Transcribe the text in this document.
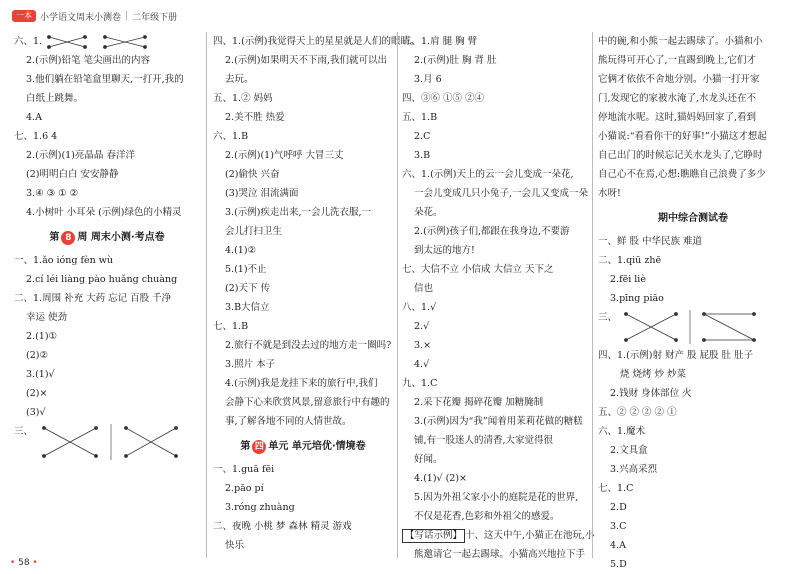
一本 小学语文周末小测卷 | 二年级下册
六、1.
2.(示例)铅笔 笔尖画出的内容
3.他们躺在铅笔盒里聊天,一打开,我的
白纸上跳舞。
4.A
七、1.6 4
2.(示例)(1)亮晶晶 春洋洋
(2)明明白白 安安静静
3.④ ③ ① ②
4.小树叶 小耳朵 (示例)绿色的小精灵
第 8 周 周末小测·考点卷
一、1.ǎo ióng fèn wù
2.cí léi liàng pào huǎng chuàng
二、1.周围 补充 大药 忘记 百股 千净
幸运 使劲
2.(1)①
(2)②
3.(1)√
(2)×
(3)√
三、
四、1.(示例)我觉得天上的星星就是人们的眼睛。
2.(示例)如果明天不下雨,我们就可以出
去玩。
五、1.② 妈妈
2.美不胜 热爱
六、1.B
2.(示例)(1)气呼呼 大冒三丈
(2)偷快 兴奋
(3)哭泣 泪流满面
3.(示例)疾走出来,一会儿洗衣服,一
会儿打扫卫生
4.(1)②
5.(1)不止
(2)天下 传
3.B大信立
七、1.B
2.旅行不就是到没去过的地方走一圈吗?
3.照片 本子
4.(示例)我是龙挂下来的旅行中,我们
会静下心来欣赏风景,留意旅行中有趣的
事,了解各地不同的人情世故。
第 四 单元 单元培优·情境卷
一、1.guā fēi
2.pāo pí
3.róng zhuàng
二、夜晚 小桃 梦 森林 精灵 游戏
快乐
三、1.肩 腿 胸 臂
2.(示例)肚 胸 背 肚
3.月 6
四、③⑥ ①⑤ ②④
五、1.B
2.C
3.B
六、1.(示例)天上的云一会儿变成一朵花,
一会儿变成几只小兔子,一会儿又变成一朵
朵花。
2.(示例)孩子们,都跟在我身边,不要游
到太远的地方!
七、大信不立 小信成 大信立 天下之
信也
八、1.√
2.√
3.×
4.√
九、1.C
2.采下花瓣 揭碎花瓣 加糖腌制
3.(示例)因为“我”闻着用茉莉花做的糖糕
铺,有一股迷人的清香,大家觉得很
好闻。
4.(1)√ (2)×
5.因为外祖父家小小的庭院是花的世界,
不仅是花香,色彩和外祖父的感爱。
【写话示例】 十、这天中午,小猫正在池玩,小
熊邀请它一起去踢球。小猫高兴地拉下手
中的碗,和小熊一起去踢球了。小猫和小
熊玩得可开心了,一直踢到晚上,它们才
它俩才依依不舍地分别。小猫一打开家
门,发现它的家被水淹了,水龙头还在不
停地流水呢。这时,猫妈妈回家了,看到
小猫说:“看看你干的好事!”小猫这才想起
自己出门的时候忘记关水龙头了,它睁时
自己心不在焉,心想:瞧瞧自己浪费了多少
水呀!
期中综合测试卷
一、鲜 股 中华民族 难道
二、1.qiū zhē
2.fēi liè
3.pīng piāo
三、
四、1.(示例)射 财产 股 屁股 肚 肚子
烧 烧烤 炒 炒菜
2.钱财 身体部位 火
五、② ② ② ② ①
六、1.魔术
2.文具盒
3.兴高采烈
七、1.C
2.D
3.C
4.A
5.D
• 58 •
